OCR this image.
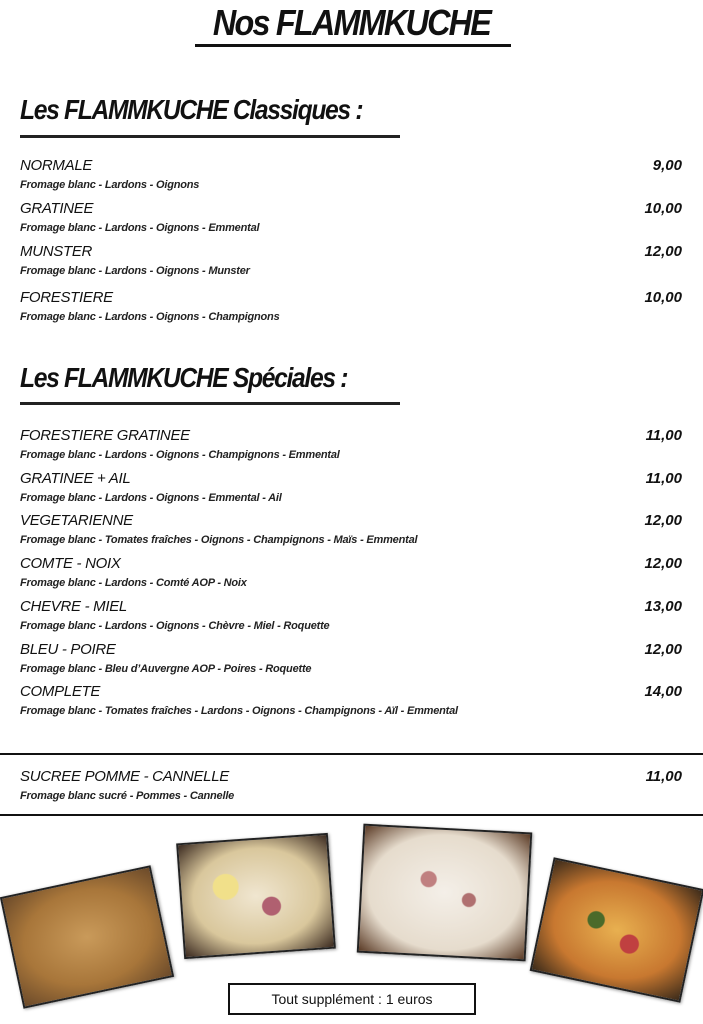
Nos FLAMMKUCHE
Les FLAMMKUCHE Classiques :
NORMALE
Fromage blanc - Lardons - Oignons
9,00
GRATINEE
Fromage blanc - Lardons - Oignons - Emmental
10,00
MUNSTER
Fromage blanc - Lardons - Oignons - Munster
12,00
FORESTIERE
Fromage blanc - Lardons - Oignons - Champignons
10,00
Les FLAMMKUCHE Spéciales :
FORESTIERE GRATINEE
Fromage blanc - Lardons - Oignons - Champignons - Emmental
11,00
GRATINEE + AIL
Fromage blanc - Lardons - Oignons - Emmental - Ail
11,00
VEGETARIENNE
Fromage blanc - Tomates fraîches - Oignons - Champignons - Maïs - Emmental
12,00
COMTE - NOIX
Fromage blanc - Lardons - Comté AOP - Noix
12,00
CHEVRE - MIEL
Fromage blanc - Lardons - Oignons - Chèvre - Miel - Roquette
13,00
BLEU - POIRE
Fromage blanc - Bleu d’Auvergne AOP - Poires - Roquette
12,00
COMPLETE
Fromage blanc - Tomates fraîches - Lardons - Oignons - Champignons - Aïl - Emmental
14,00
SUCREE POMME - CANNELLE
Fromage blanc sucré - Pommes - Cannelle
11,00
Tout supplément : 1 euros
